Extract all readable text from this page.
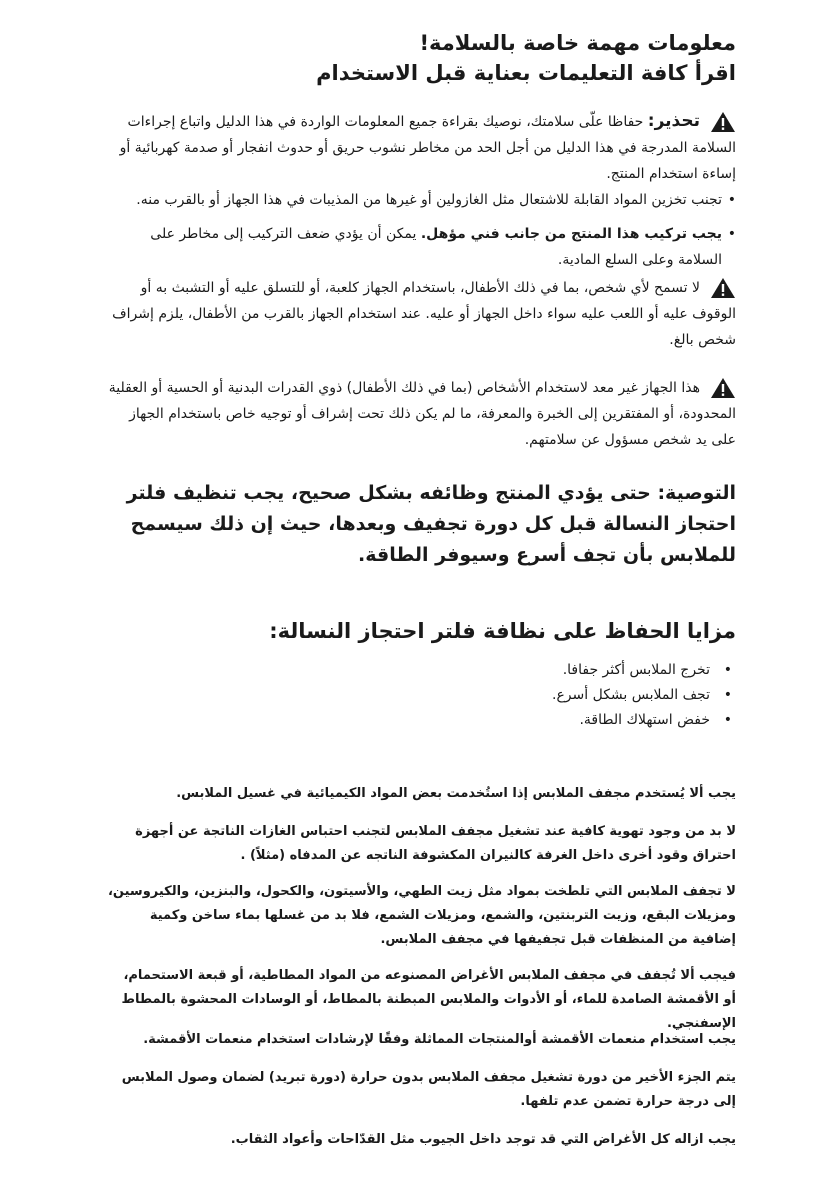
معلومات مهمة خاصة بالسلامة!
اقرأ كافة التعليمات بعناية قبل الاستخدام

تحذير: حفاظا علّى سلامتك، نوصيك بقراءة جميع المعلومات الواردة في هذا الدليل واتباع إجراءات السلامة المدرجة في هذا الدليل من أجل الحد من مخاطر نشوب حريق أو حدوث انفجار أو صدمة كهربائية أو إساءة استخدام المنتج.

• تجنب تخزين المواد القابلة للاشتعال مثل الغازولين أو غيرها من المذيبات في هذا الجهاز أو بالقرب منه.

• يجب تركيب هذا المنتج من جانب فني مؤهل. يمكن أن يؤدي ضعف التركيب إلى مخاطر على السلامة وعلى السلع المادية.

لا تسمح لأي شخص، بما في ذلك الأطفال، باستخدام الجهاز كلعبة، أو للتسلق عليه أو التشبث به أو الوقوف عليه أو اللعب عليه سواء داخل الجهاز أو عليه. عند استخدام الجهاز بالقرب من الأطفال، يلزم إشراف شخص بالغ.

هذا الجهاز غير معد لاستخدام الأشخاص (بما في ذلك الأطفال) ذوي القدرات البدنية أو الحسية أو العقلية المحدودة، أو المفتقرين إلى الخبرة والمعرفة، ما لم يكن ذلك تحت إشراف أو توجيه خاص باستخدام الجهاز على يد شخص مسؤول عن سلامتهم.

التوصية: حتى يؤدي المنتج وظائفه بشكل صحيح، يجب تنظيف فلتر احتجاز النسالة قبل كل دورة تجفيف وبعدها، حيث إن ذلك سيسمح للملابس بأن تجف أسرع وسيوفر الطاقة.
مزايا الحفاظ على نظافة فلتر احتجاز النسالة:
• تخرج الملابس أكثر جفافا.
• تجف الملابس بشكل أسرع.
• خفض استهلاك الطاقة.

يجب ألا يُستخدم مجفف الملابس إذا استُخدمت بعض المواد الكيميائية في غسيل الملابس.

لا بد من وجود تهوية كافية عند تشغيل مجفف الملابس لتجنب احتباس الغازات الناتجة عن أجهزة احتراق وقود أخرى داخل الغرفة كالنيران المكشوفة الناتجه عن المدفاه (مثلاً) .

لا تجفف الملابس التي تلطخت بمواد مثل زيت الطهي، والأسيتون، والكحول، والبنزين، والكيروسين، ومزيلات البقع، وزيت التربنتين، والشمع، ومزيلات الشمع، فلا بد من غسلها بماء ساخن وكمية إضافية من المنظفات قبل تجفيفها في مجفف الملابس.

فيجب ألا تُجفف في مجفف الملابس الأغراض المصنوعه من المواد المطاطية، أو قبعة الاستحمام، أو الأقمشة الصامدة للماء، أو الأدوات والملابس المبطنة بالمطاط، أو الوسادات المحشوة بالمطاط الإسفنجي.

يجب استخدام منعمات الأقمشة أوالمنتجات المماثلة وفقًا لإرشادات استخدام منعمات الأقمشة.

يتم الجزء الأخير من دورة تشغيل مجفف الملابس بدون حرارة (دورة تبريد) لضمان وصول الملابس إلى درجة حرارة تضمن عدم تلفها.

يجب ازاله كل الأغراض التي قد توجد داخل الجيوب مثل القدّاحات وأعواد الثقاب.
